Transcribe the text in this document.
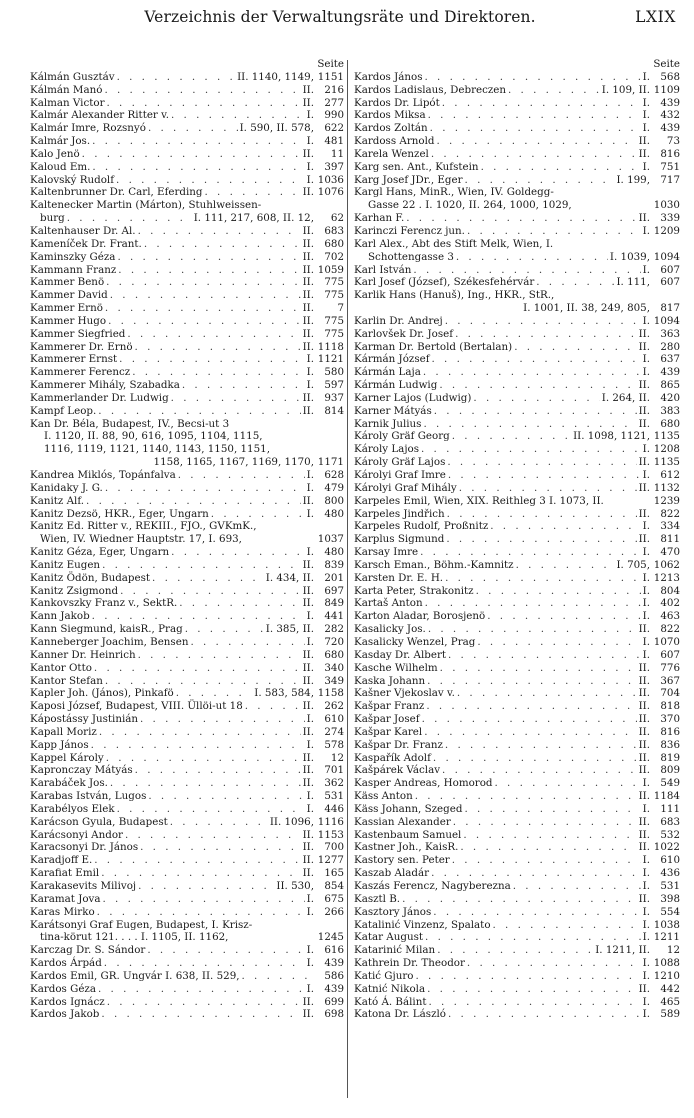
Verzeichnis der Verwaltungsräte und Direktoren.	LXIX
Seite
Kálmán Gusztáv . . .	II. 1140, 1149, 1151
Kálmán Manó . . .	II.	216
Kalman Victor . . .	II.	277
Kalmár Alexander Ritter v. . . .	I.	990
Kalmár Imre, Rozsnyó . . .	I. 590, II. 578,	622
Kalmár Jos. . . .	I.	481
Kalo Jenö . . .	II.	11
Kaloud Em. . . .	I.	397
Kalovský Rudolf . . .	I. 1036
Kaltenbrunner Dr. Carl, Eferding . . .	II. 1076
Kaltenecker Martin (Márton), Stuhlweissen-
burg . . .	I. 111, 217, 608, II. 12,	62
Kaltenhauser Dr. Al. . . .	II.	683
Kameníček Dr. Frant. . . .	II.	680
Kaminszky Géza . . .	II.	702
Kammann Franz . . .	II. 1059
Kammer Benö . . .	II.	775
Kammer David . . .	II.	775
Kammer Ernö . . .	II.	7
Kammer Hugo . . .	II.	775
Kammer Siegfried . . .	II.	775
Kammerer Dr. Ernö . . .	II. 1118
Kammerer Ernst . . .	I. 1121
Kammerer Ferencz . . .	I.	580
Kammerer Mihály, Szabadka . . .	I.	597
Kammerlander Dr. Ludwig . . .	II.	937
Kampf Leop. . . .	II.	814
Kan Dr. Béla, Budapest, IV., Becsi-ut 3
I. 1120, II. 88, 90, 616, 1095, 1104, 1115,
1116, 1119, 1121, 1140, 1143, 1150, 1151,
1158, 1165, 1167, 1169, 1170, 1171
Kandrea Miklós, Topánfalva . . .	I.	628
Kanidaky J. G. . . .	I.	479
Kanitz Alf. . . .	II.	800
Kanitz Dezsö, HKR., Eger, Ungarn . . .	I.	480
Kanitz Ed. Ritter v., REKIII., FJO., GVKmK.,
Wien, IV. Wiedner Hauptstr. 17, I. 693,	1037
Kanitz Géza, Eger, Ungarn . . .	I.	480
Kanitz Eugen . . .	II.	839
Kanitz Ödön, Budapest . . .	I. 434, II.	201
Kanitz Zsigmond . . .	II.	697
Kankovszky Franz v., SektR. . . .	II.	849
Kann Jakob . . .	I.	441
Kann Siegmund, kaisR., Prag . . .	I. 385, II.	282
Kanneberger Joachim, Bensen . . .	I.	720
Kanner Dr. Heinrich . . .	II.	680
Kantor Otto . . .	II.	340
Kantor Stefan . . .	II.	349
Kapler Joh. (János), Pinkafö . . .	I. 583, 584, 1158
Kaposi József, Budapest, VIII. Üllöi-ut 18 . . .	II.	262
Kápostássy Justinián . . .	I.	610
Kapall Moriz . . .	II.	274
Kapp János . . .	I.	578
Kappel Károly . . .	II.	12
Kapronczay Mátyás . . .	II.	701
Karabáček Jos. . . .	II.	362
Karabas István, Lugos . . .	I.	531
Karabélyos Elek . . .	I.	446
Karácson Gyula, Budapest . . .	II. 1096, 1116
Karácsonyi Andor . . .	II. 1153
Karacsonyi Dr. János . . .	II.	700
Karadjoff E. . . .	II. 1277
Karafiat Emil . . .	II.	165
Karakasevits Milivoj . . .	II. 530,	854
Karamat Jova . . .	I.	675
Karas Mirko . . .	I.	266
Karátsonyi Graf Eugen, Budapest, I. Krisz-
tina-körut 121. . . . I. 1105, II. 1162,	1245
Karczag Dr. S. Sándor . . .	I.	616
Kardos Árpád . . .	I.	439
Kardos Emil, GR. Ungvár I. 638, II. 529, . . .	586
Kardos Géza . . .	I.	439
Kardos Ignácz . . .	II.	699
Kardos Jakob . . .	II.	698
Seite
Kardos János . . .	I.	568
Kardos Ladislaus, Debreczen . . .	I. 109, II. 1109
Kardos Dr. Lipót . . .	I.	439
Kardos Miksa . . .	I.	432
Kardos Zoltán . . .	I.	439
Kardoss Arnold . . .	II.	73
Karela Wenzel . . .	II.	816
Karg sen. Ant., Kufstein . . .	I.	751
Karg Josef JDr., Eger . . .	I. 199,	717
Kargl Hans, MinR., Wien, IV. Goldegg-
Gasse 22 . I. 1020, II. 264, 1000, 1029,	1030
Karhan F. . . .	II.	339
Karinczi Ferencz jun. . . .	I. 1209
Karl Alex., Abt des Stift Melk, Wien, I.
Schottengasse 3 . . .	I. 1039, 1094
Karl István . . .	I.	607
Karl Josef (József), Székesfehérvár . . .	I. 111,	607
Karlik Hans (Hanuš), Ing., HKR., StR.,
I. 1001, II. 38, 249, 805,	817
Karlin Dr. Andrej . . .	I. 1094
Karlovšek Dr. Josef . . .	II.	363
Karman Dr. Bertold (Bertalan) . . .	II.	280
Kármán József . . .	I.	637
Kármán Laja . . .	I.	439
Kármán Ludwig . . .	II.	865
Karner Lajos (Ludwig) . . .	I. 264, II.	420
Karner Mátyás . . .	II.	383
Karnik Julius . . .	II.	680
Károly Gräf Georg . . .	II. 1098, 1121, 1135
Károly Lajos . . .	I. 1208
Károly Gräf Lajos . . .	II. 1135
Károlyi Graf Imre . . .	I.	612
Károlyi Graf Mihály . . .	II. 1132
Karpeles Emil, Wien, XIX. Reithleg 3 I. 1073, II.	1239
Karpeles Jindřich . . .	II.	822
Karpeles Rudolf, Proßnitz . . .	I.	334
Karplus Sigmund . . .	II.	811
Karsay Imre . . .	I.	470
Karsch Eman., Böhm.-Kamnitz . . .	I. 705, 1062
Karsten Dr. E. H. . . .	I. 1213
Karta Peter, Strakonitz . . .	I.	804
Kartaš Anton . . .	I.	402
Karton Aladar, Borosjenö . . .	I.	463
Kasalicky Jos. . . .	II.	822
Kasalicky Wenzel, Prag . . .	I. 1070
Kasday Dr. Albert . . .	I.	607
Kasche Wilhelm . . .	II.	776
Kaska Johann . . .	II.	367
Kašner Vjekoslav v. . . .	II.	704
Kašpar Franz . . .	II.	818
Kašpar Josef . . .	II.	370
Kašpar Karel . . .	II.	816
Kašpar Dr. Franz . . .	II.	836
Kaspařík Adolf . . .	II.	819
Kašpárek Václav . . .	II.	809
Kasper Andreas, Homorod . . .	I.	549
Käss Anton . . .	II. 1184
Käss Johann, Szeged . . .	I.	111
Kassian Alexander . . .	II.	683
Kastenbaum Samuel . . .	II.	532
Kastner Joh., KaisR. . . .	II. 1022
Kastory sen. Peter . . .	I.	610
Kaszab Aladár . . .	I.	436
Kaszás Ferencz, Nagyberezna . . .	I.	531
Kasztl B. . . .	II.	398
Kasztory János . . .	I.	554
Katalinić Vinzenz, Spalato . . .	I. 1038
Katar August . . .	I. 1211
Katarinić Milan . . .	I. 1211, II.	12
Kathrein Dr. Theodor . . .	I. 1088
Katić Gjuro . . .	I. 1210
Katnić Nikola . . .	II.	442
Kató Á. Bálint . . .	I.	465
Katona Dr. László . . .	I.	589
